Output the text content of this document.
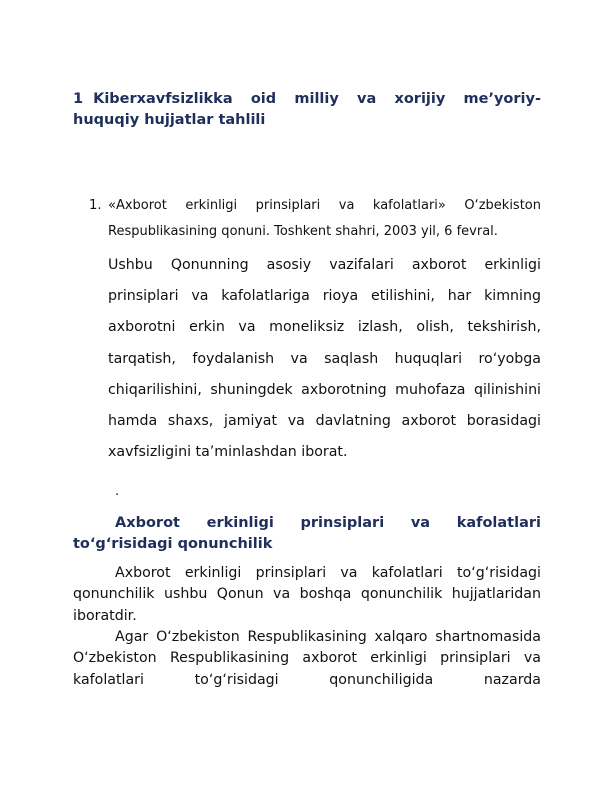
1 Kiberxavfsizlikka oid milliy va xorijiy me’yoriy-huquqiy hujjatlar tahlili
1. «Axborot erkinligi prinsiplari va kafolatlari» O‘zbekiston
Respublikasining qonuni. Toshkent shahri, 2003 yil, 6 fevral.
Ushbu Qonunning asosiy vazifalari axborot erkinligi prinsiplari va kafolatlariga rioya etilishini, har kimning axborotni erkin va moneliksiz izlash, olish, tekshirish, tarqatish, foydalanish va saqlash huquqlari ro‘yobga chiqarilishini, shuningdek axborotning muhofaza qilinishini hamda shaxs, jamiyat va davlatning axborot borasidagi xavfsizligini ta’minlashdan iborat.
.
Axborot erkinligi prinsiplari va kafolatlari
to‘g‘risidagi qonunchilik
Axborot erkinligi prinsiplari va kafolatlari to‘g‘risidagi qonunchilik ushbu Qonun va boshqa qonunchilik hujjatlaridan iboratdir.
Agar O‘zbekiston Respublikasining xalqaro shartnomasida O‘zbekiston Respublikasining axborot erkinligi prinsiplari va kafolatlari to‘g‘risidagi qonunchiligida nazarda
